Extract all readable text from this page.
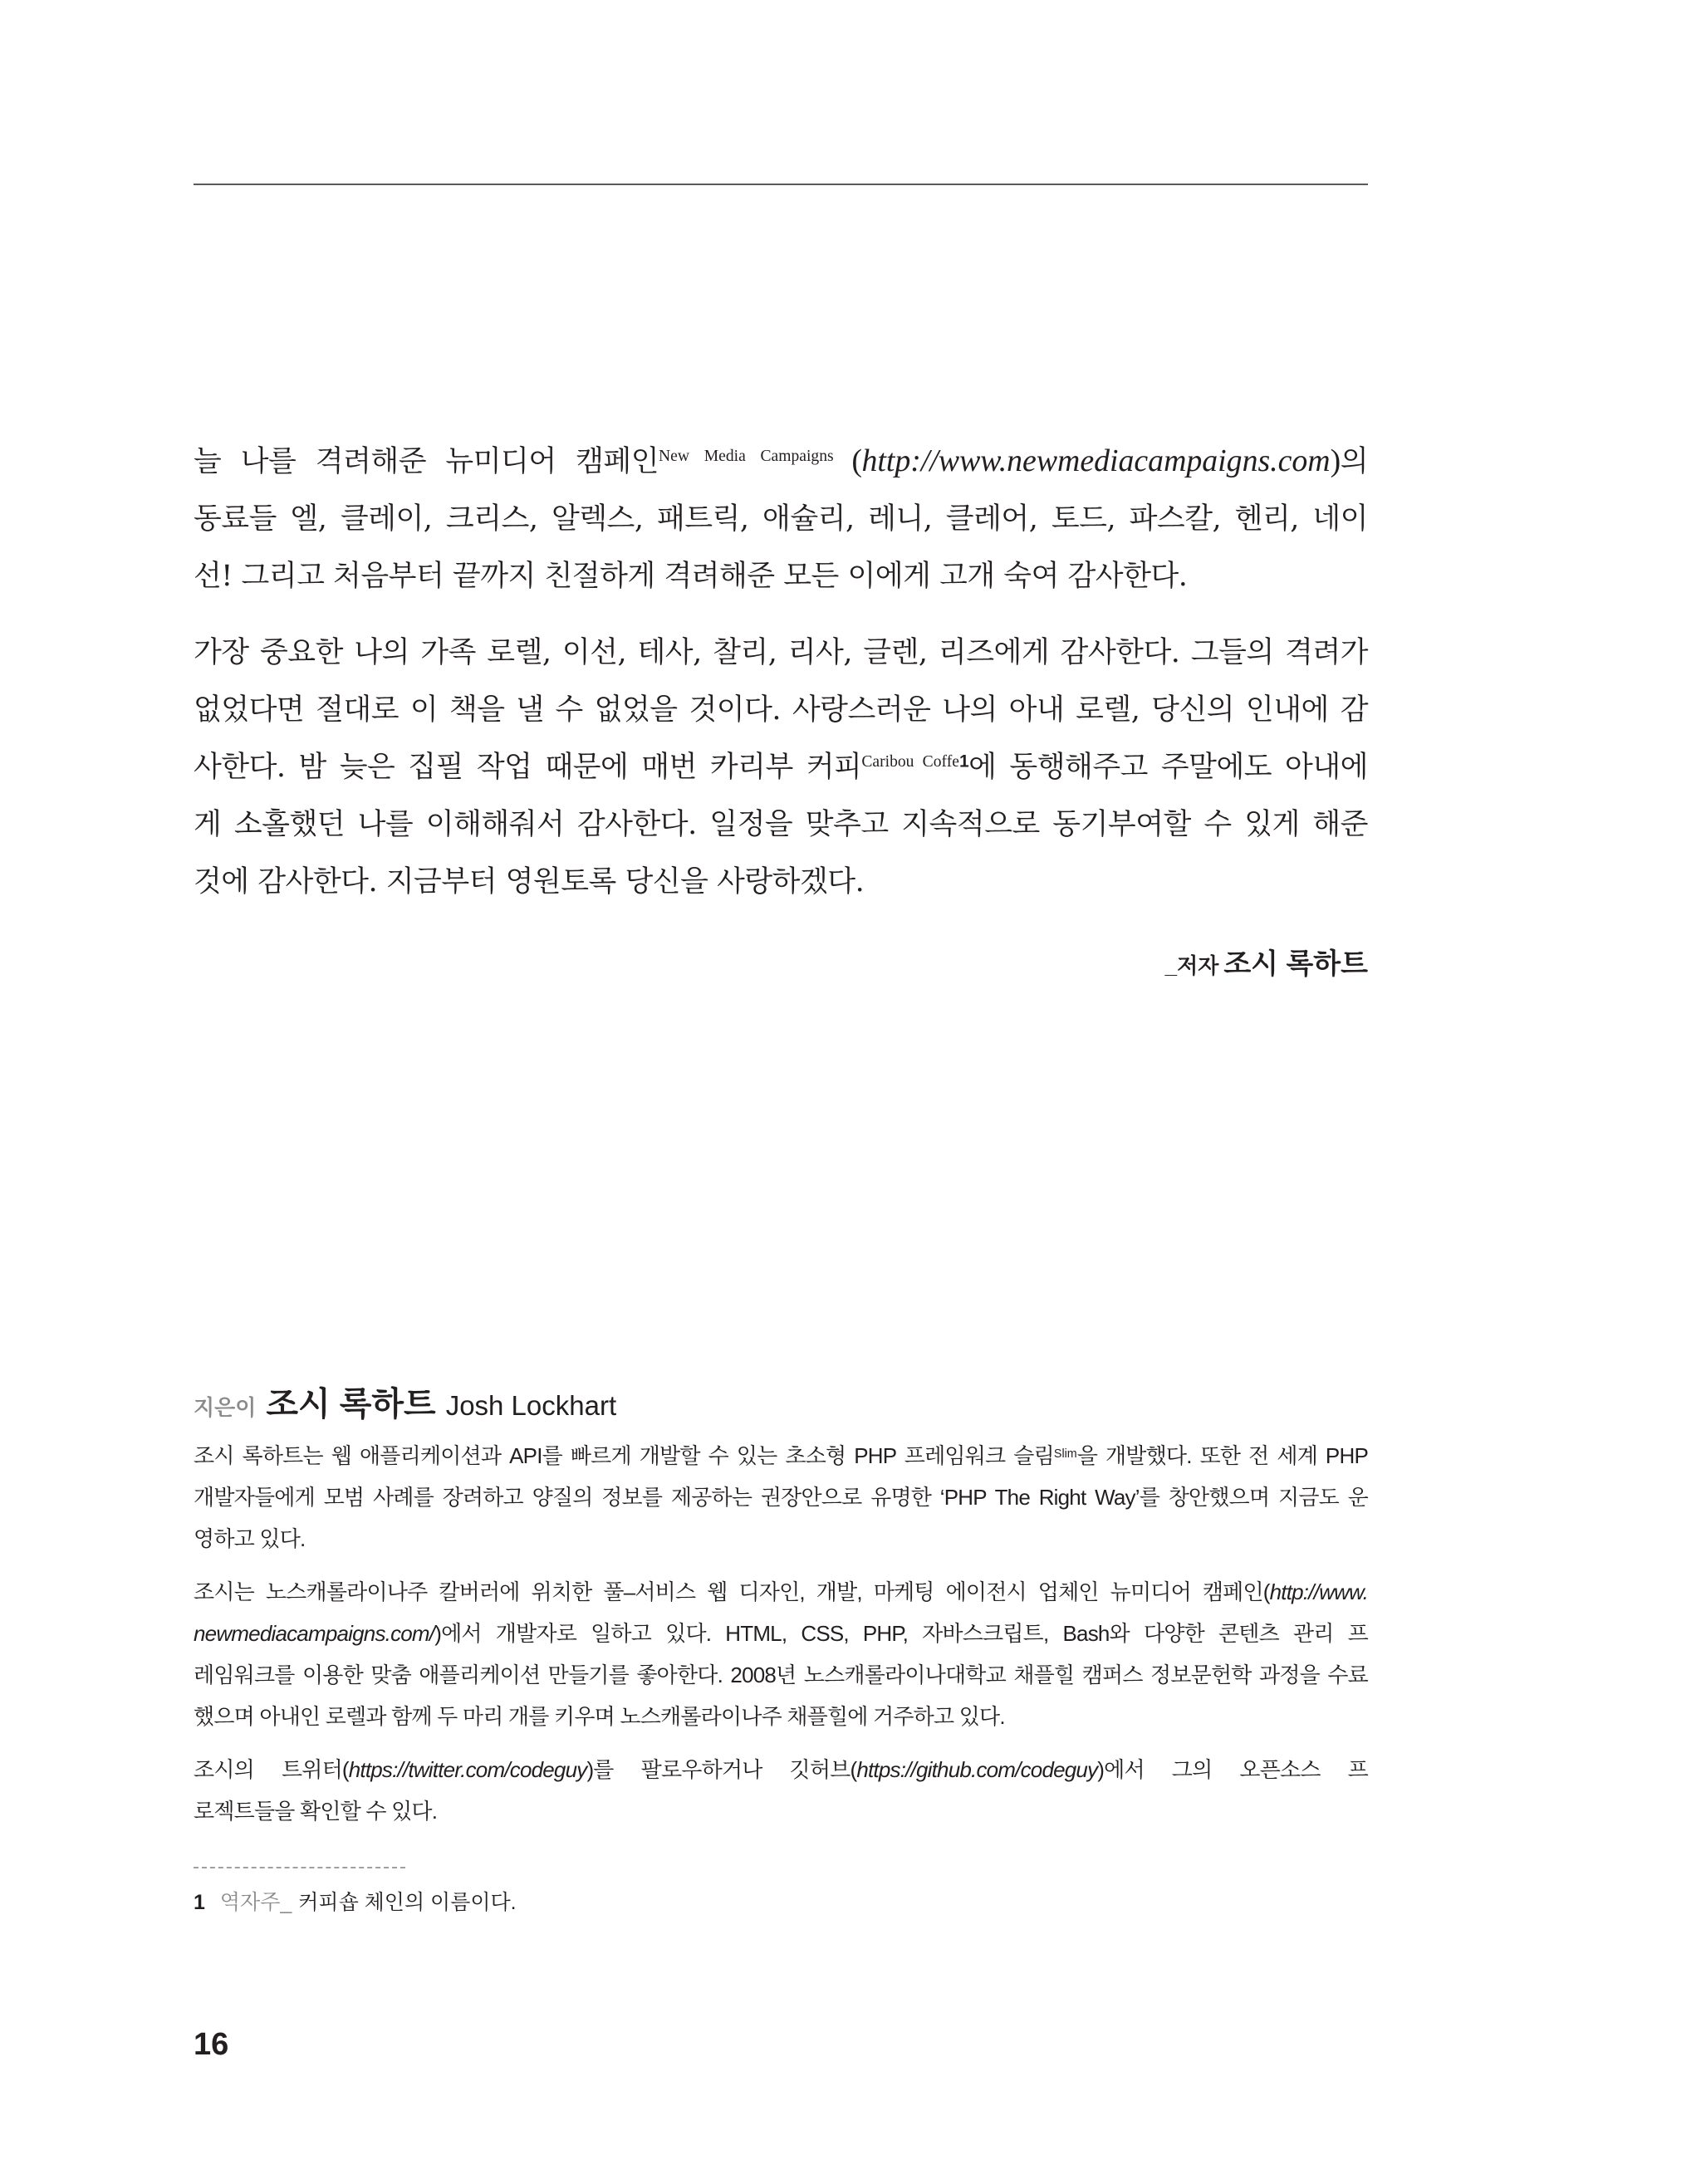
늘 나를 격려해준 뉴미디어 캠페인$^{New Media Campaigns}$ (http://www.newmediacampaigns.com)의
동료들 엘, 클레이, 크리스, 알렉스, 패트릭, 애슐리, 레니, 클레어, 토드, 파스칼, 헨리, 네이
선! 그리고 처음부터 끝까지 친절하게 격려해준 모든 이에게 고개 숙여 감사한다.
가장 중요한 나의 가족 로렐, 이선, 테사, 찰리, 리사, 글렌, 리즈에게 감사한다. 그들의 격려가
없었다면 절대로 이 책을 낼 수 없었을 것이다. 사랑스러운 나의 아내 로렐, 당신의 인내에 감
사한다. 밤 늦은 집필 작업 때문에 매번 카리부 커피$^{Caribou Coffe1}$에 동행해주고 주말에도 아내에
게 소홀했던 나를 이해해줘서 감사한다. 일정을 맞추고 지속적으로 동기부여할 수 있게 해준
것에 감사한다. 지금부터 영원토록 당신을 사랑하겠다.
_저자 조시 록하트
지은이 조시 록하트 Josh Lockhart
조시 록하트는 웹 애플리케이션과 API를 빠르게 개발할 수 있는 초소형 PHP 프레임워크 슬림$^{Slim}$을 개발했다. 또한 전 세계 PHP
개발자들에게 모범 사례를 장려하고 양질의 정보를 제공하는 권장안으로 유명한 ‘PHP The Right Way’를 창안했으며 지금도 운
영하고 있다.
조시는 노스캐롤라이나주 칼버러에 위치한 풀–서비스 웹 디자인, 개발, 마케팅 에이전시 업체인 뉴미디어 캠페인(http://www.
newmediacampaigns.com/)에서 개발자로 일하고 있다. HTML, CSS, PHP, 자바스크립트, Bash와 다양한 콘텐츠 관리 프
레임워크를 이용한 맞춤 애플리케이션 만들기를 좋아한다. 2008년 노스캐롤라이나대학교 채플힐 캠퍼스 정보문헌학 과정을 수료
했으며 아내인 로렐과 함께 두 마리 개를 키우며 노스캐롤라이나주 채플힐에 거주하고 있다.
조시의 트위터(https://twitter.com/codeguy)를 팔로우하거나 깃허브(https://github.com/codeguy)에서 그의 오픈소스 프
로젝트들을 확인할 수 있다.
1 역자주_ 커피숍 체인의 이름이다.
16
